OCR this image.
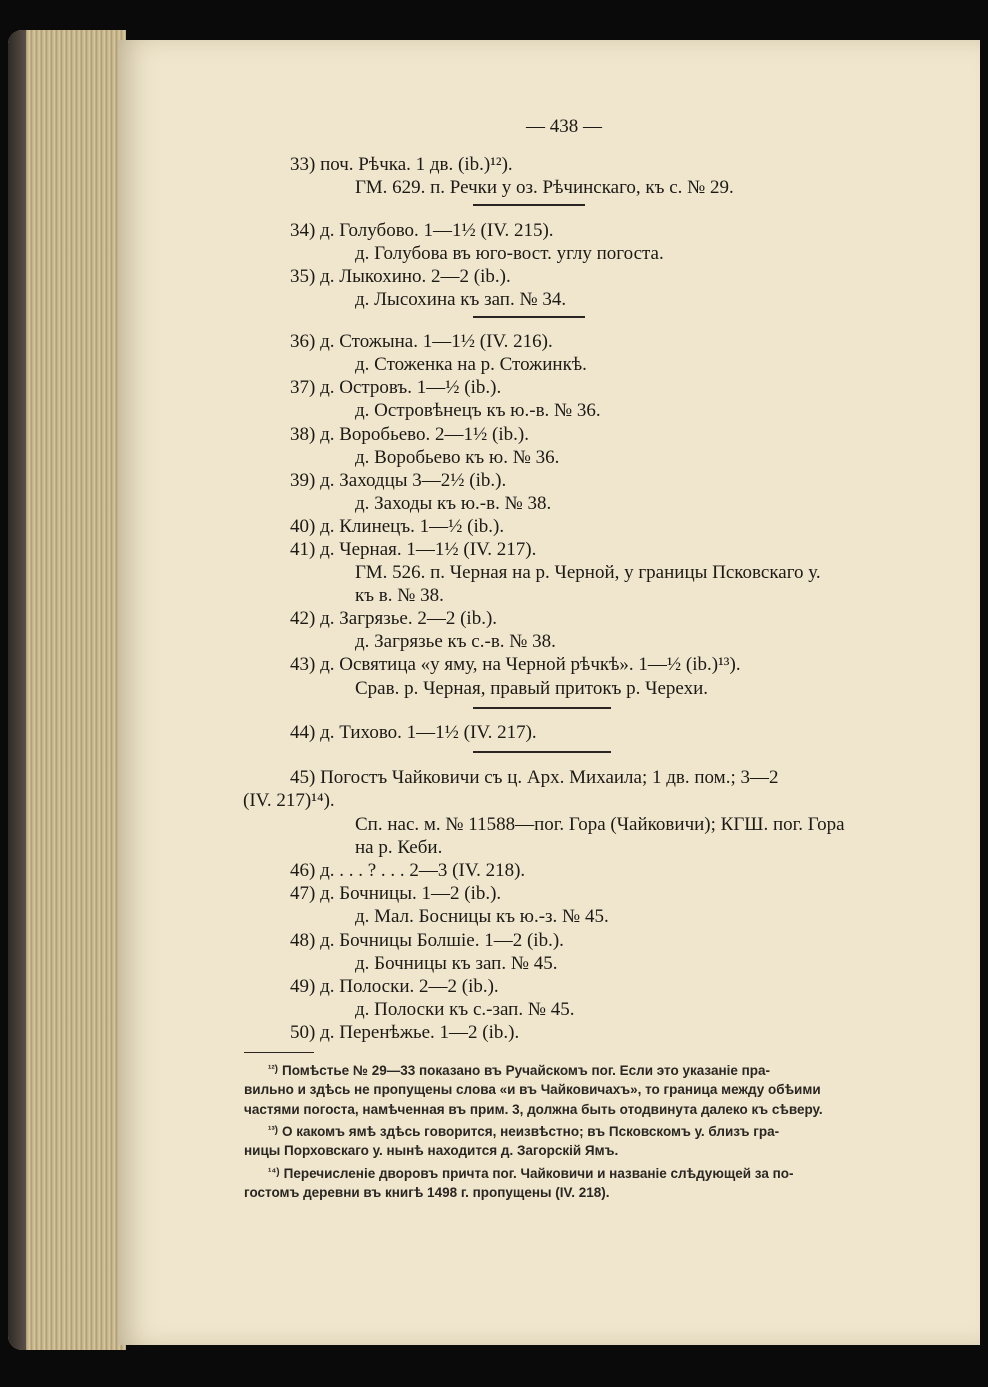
— 438 —
33) поч. Рѣчка. 1 дв. (ib.)¹²).
ГМ. 629. п. Речки у оз. Рѣчинскаго, къ с. № 29.
34) д. Голубово. 1—1½ (IV. 215).
д. Голубова въ юго-вост. углу погоста.
35) д. Лыкохино. 2—2 (ib.).
д. Лысохина къ зап. № 34.
36) д. Стожына. 1—1½ (IV. 216).
д. Стоженка на р. Стожинкѣ.
37) д. Островъ. 1—½ (ib.).
д. Островѣнецъ къ ю.-в. № 36.
38) д. Воробьево. 2—1½ (ib.).
д. Воробьево къ ю. № 36.
39) д. Заходцы 3—2½ (ib.).
д. Заходы къ ю.-в. № 38.
40) д. Клинецъ. 1—½ (ib.).
41) д. Черная. 1—1½ (IV. 217).
ГМ. 526. п. Черная на р. Черной, у границы Псковскаго у.
къ в. № 38.
42) д. Загрязье. 2—2 (ib.).
д. Загрязье къ с.-в. № 38.
43) д. Освятица «у яму, на Черной рѣчкѣ». 1—½ (ib.)¹³).
Срав. р. Черная, правый притокъ р. Черехи.
44) д. Тихово. 1—1½ (IV. 217).
45) Погостъ Чайковичи съ ц. Арх. Михаила; 1 дв. пом.; 3—2
(IV. 217)¹⁴).
Сп. нас. м. № 11588—пог. Гора (Чайковичи); КГШ. пог. Гора
на р. Кеби.
46) д. . . . ? . . . 2—3 (IV. 218).
47) д. Бочницы. 1—2 (ib.).
д. Мал. Босницы къ ю.-з. № 45.
48) д. Бочницы Болшіе. 1—2 (ib.).
д. Бочницы къ зап. № 45.
49) д. Полоски. 2—2 (ib.).
д. Полоски къ с.-зап. № 45.
50) д. Перенѣжье. 1—2 (ib.).
$^{^{12})}$ Помѣстье № 29—33 показано въ Ручайскомъ пог. Если это указаніе пра-
вильно и здѣсь не пропущены слова «и въ Чайковичахъ», то граница между обѣими
частями погоста, намѣченная въ прим. 3, должна быть отодвинута далеко къ сѣверу.
$^{^{13})}$ О какомъ ямѣ здѣсь говорится, неизвѣстно; въ Псковскомъ у. близъ гра-
ницы Порховскаго у. нынѣ находится д. Загорскій Ямъ.
$^{^{14})}$ Перечисленіе дворовъ причта пог. Чайковичи и названіе слѣдующей за по-
гостомъ деревни въ книгѣ 1498 г. пропущены (IV. 218).
